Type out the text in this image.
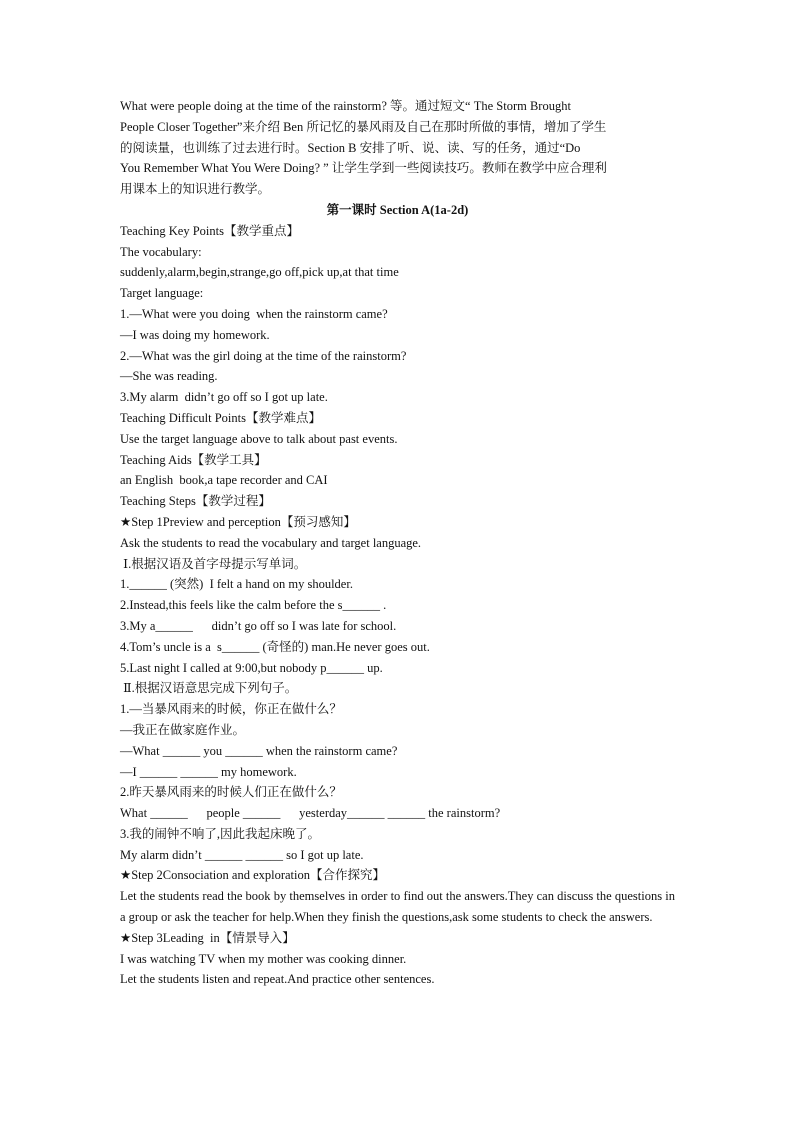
What were people doing at the time of the rainstorm? 等。通过短文“ The Storm Brought

People Closer Together”来介绍 Ben 所记忆的暴风雨及自己在那时所做的事情，增加了学生

的阅读量，也训练了过去进行时。Section B 安排了听、说、读、写的任务，通过“Do

You Remember What You Were Doing? ” 让学生学到一些阅读技巧。教师在教学中应合理利

用课本上的知识进行教学。

第一课时 Section A(1a-2d)

Teaching Key Points【教学重点】

The vocabulary:

suddenly,alarm,begin,strange,go off,pick up,at that time

Target language:

1.—What were you doing  when the rainstorm came?

—I was doing my homework.

2.—What was the girl doing at the time of the rainstorm?

—She was reading.

3.My alarm  didn’t go off so I got up late.

Teaching Difficult Points【教学难点】

Use the target language above to talk about past events.

Teaching Aids【教学工具】

an English  book,a tape recorder and CAI

Teaching Steps【教学过程】

★Step 1Preview and perception【预习感知】

Ask the students to read the vocabulary and target language.

Ⅰ.根据汉语及首字母提示写单词。

1.______ (突然)  I felt a hand on my shoulder.

2.Instead,this feels like the calm before the s______ .

3.My a______      didn’t go off so I was late for school.

4.Tom’s uncle is a  s______ (奇怪的) man.He never goes out.

5.Last night I called at 9:00,but nobody p______ up.

Ⅱ.根据汉语意思完成下列句子。

1.—当暴风雨来的时候，你正在做什么？

—我正在做家庭作业。

—What ______ you ______ when the rainstorm came?

—I ______ ______ my homework.

2.昨天暴风雨来的时候人们正在做什么？

What ______      people ______      yesterday______ ______ the rainstorm?

3.我的闹钟不响了,因此我起床晚了。

My alarm didn’t ______ ______ so I got up late.

★Step 2Consociation and exploration【合作探究】

Let the students read the book by themselves in order to find out the answers.They can discuss the questions in a group or ask the teacher for help.When they finish the questions,ask some students to check the answers.

★Step 3Leading  in【情景导入】

I was watching TV when my mother was cooking dinner.

Let the students listen and repeat.And practice other sentences.
